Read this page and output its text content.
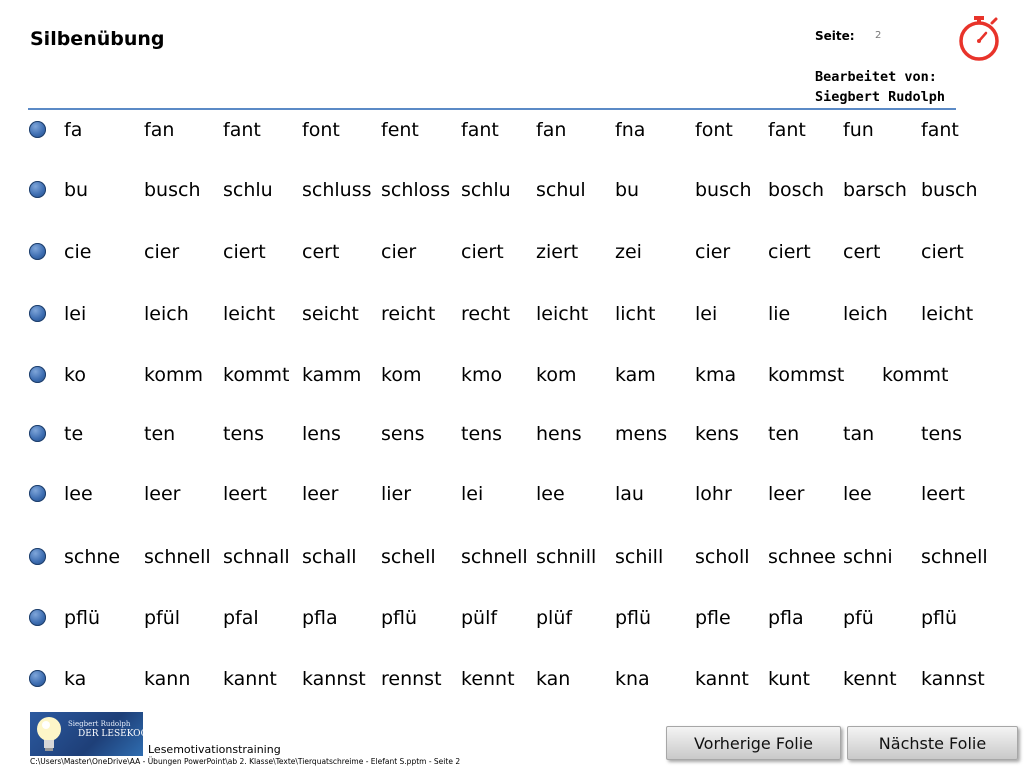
Silbenübung	Seite: 2
Bearbeitet von:
Siegbert Rudolph
fa	fan	fant font fent fant fan	fna	font fant fun fant
bu	busch schlu schluss schloss schlu schul bu	busch bosch barsch busch
cie	cier ciert cert cier ciert ziert zei	cier ciert cert ciert
lei	leich leicht seicht reicht recht leicht licht lei	lie	leich leicht
ko	komm kommt kamm kom kmo kom kam kma kommst kommt
te	ten	tens lens sens tens hens mens kens ten tan tens
lee	leer leert leer lier	lei	lee	lau	lohr leer lee	leert
schne schnell schnall schall schell schnell schnill schill scholl schnee schni schnell
pflü pfül pfal pfla pflü pülf plüf pflü pfle pfla pfü pflü
ka	kann kannt kannst rennst kennt kan kna kannt kunt kennt kannst
Siegbert Rudolph
DER LESEKOCH
Lesemotivationstraining
C:\Users\Master\OneDrive\AA - Übungen PowerPoint\ab 2. Klasse\Texte\Tierquatschreime - Elefant S.pptm - Seite 2
Vorherige Folie	Nächste Folie
